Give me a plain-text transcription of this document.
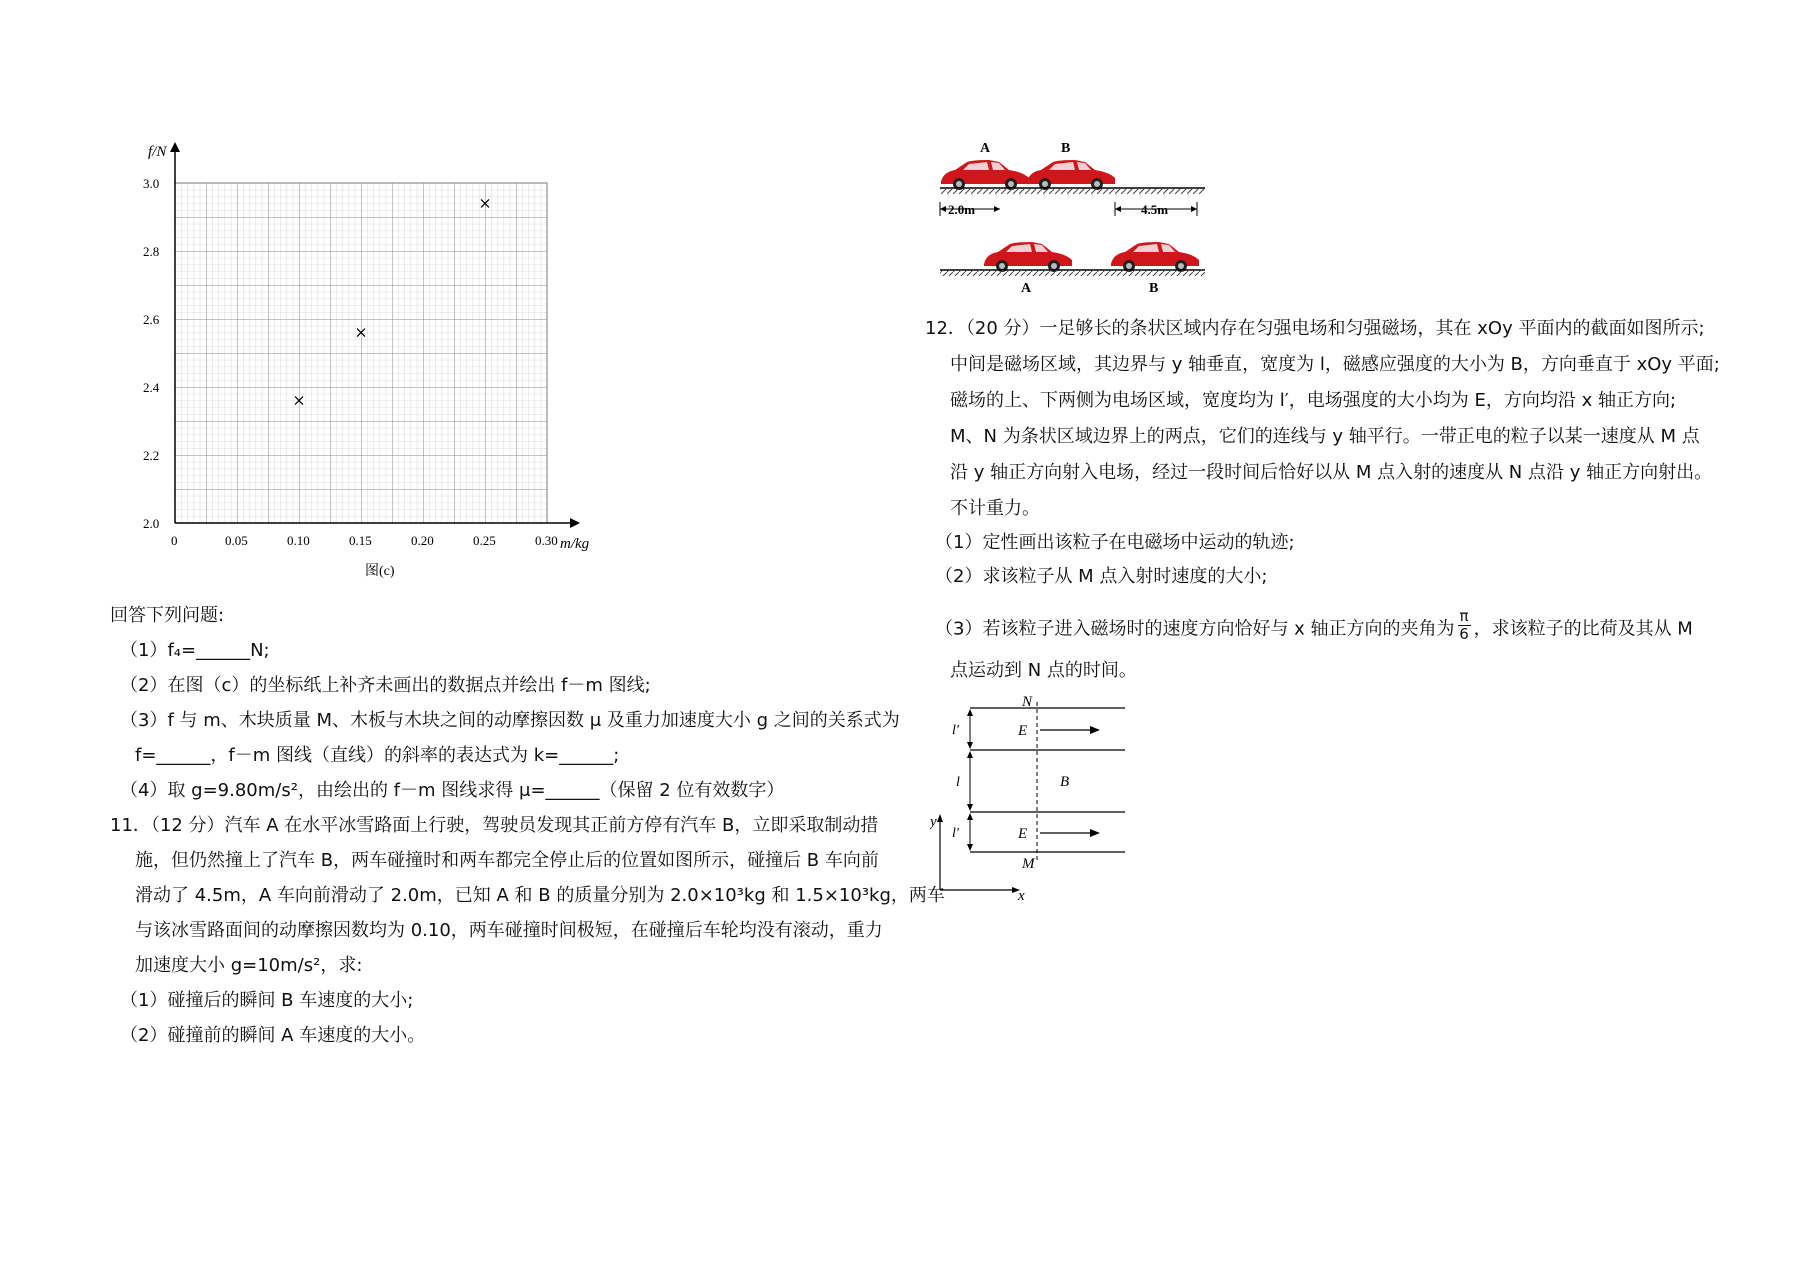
f/N
m/kg
0
2.0
2.2
2.4
2.6
2.8
3.0
0.05	0.10	0.15	0.20	0.25	0.30
图(c)
回答下列问题:
（1）f₄=______N;
（2）在图（c）的坐标纸上补齐未画出的数据点并绘出 f－m 图线;
（3）f 与 m、木块质量 M、木板与木块之间的动摩擦因数 μ 及重力加速度大小 g 之间的关系式为
f=______，f－m 图线（直线）的斜率的表达式为 k=______;
（4）取 g=9.80m/s²，由绘出的 f－m 图线求得 μ=______（保留 2 位有效数字）
11．（12 分）汽车 A 在水平冰雪路面上行驶，驾驶员发现其正前方停有汽车 B，立即采取制动措
施，但仍然撞上了汽车 B，两车碰撞时和两车都完全停止后的位置如图所示，碰撞后 B 车向前
滑动了 4.5m，A 车向前滑动了 2.0m，已知 A 和 B 的质量分别为 2.0×10³kg 和 1.5×10³kg，两车
与该冰雪路面间的动摩擦因数均为 0.10，两车碰撞时间极短，在碰撞后车轮均没有滚动，重力
加速度大小 g=10m/s²，求:
（1）碰撞后的瞬间 B 车速度的大小;
（2）碰撞前的瞬间 A 车速度的大小。
A	B
2.0m	4.5m
A	B
12．（20 分）一足够长的条状区域内存在匀强电场和匀强磁场，其在 xOy 平面内的截面如图所示;
中间是磁场区域，其边界与 y 轴垂直，宽度为 l，磁感应强度的大小为 B，方向垂直于 xOy 平面;
磁场的上、下两侧为电场区域，宽度均为 l′，电场强度的大小均为 E，方向均沿 x 轴正方向;
M、N 为条状区域边界上的两点，它们的连线与 y 轴平行。一带正电的粒子以某一速度从 M 点
沿 y 轴正方向射入电场，经过一段时间后恰好以从 M 点入射的速度从 N 点沿 y 轴正方向射出。
不计重力。
（1）定性画出该粒子在电磁场中运动的轨迹;
（2）求该粒子从 M 点入射时速度的大小;
（3）若该粒子进入磁场时的速度方向恰好与 x 轴正方向的夹角为 $\frac{\pi}{6}$ ，求该粒子的比荷及其从 M
点运动到 N 点的时间。
N
M
E
E
B
l′
l
l′
y
x
